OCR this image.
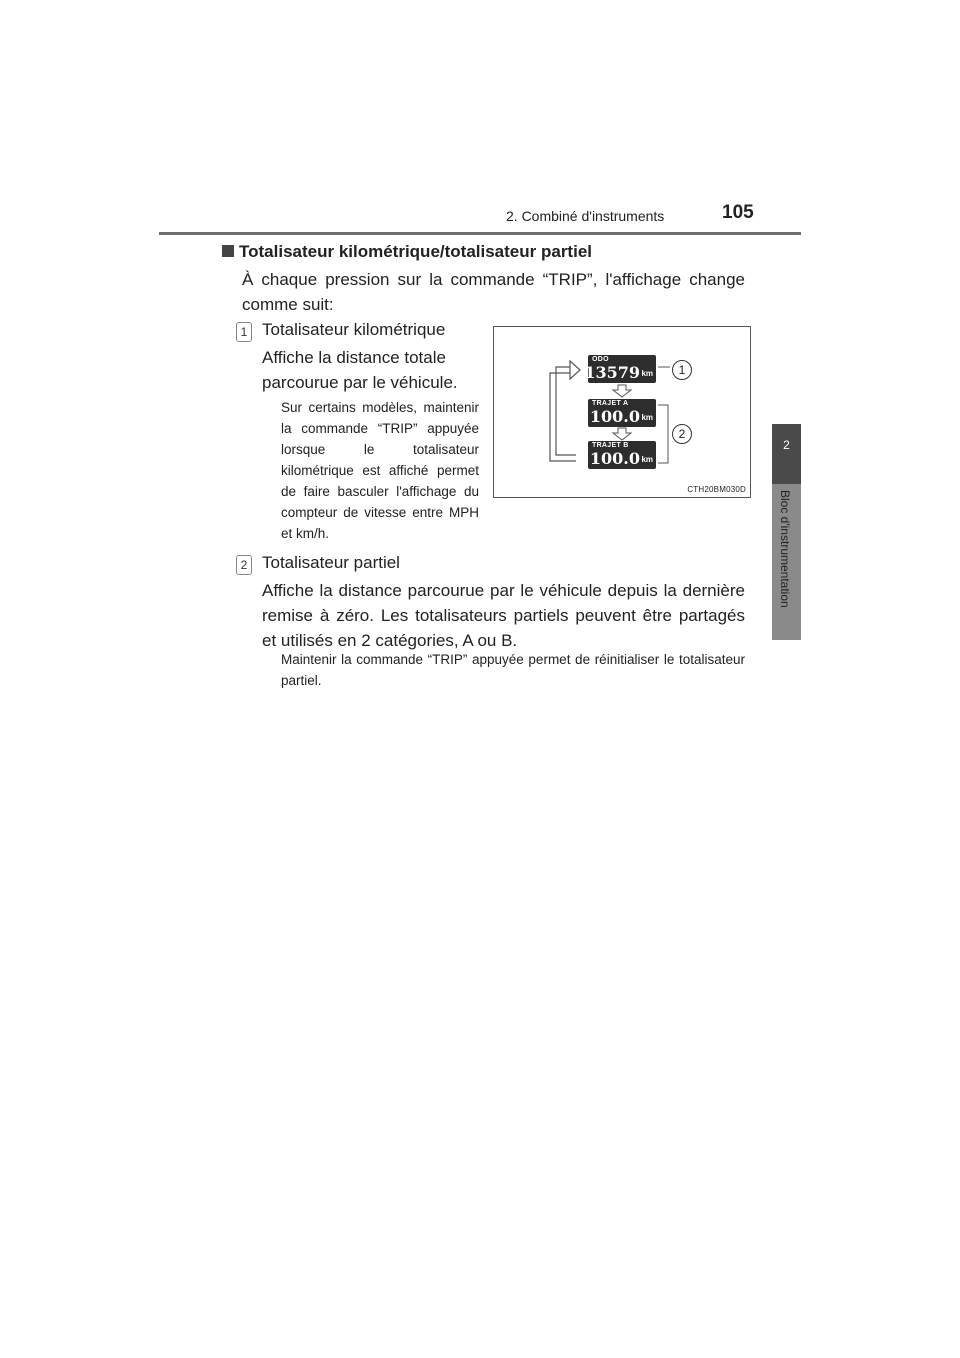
2. Combiné d'instruments	105
2
Bloc d'instrumentation
Totalisateur kilométrique/totalisateur partiel
À chaque pression sur la commande “TRIP”, l'affichage change comme suit:
1 Totalisateur kilométrique
Affiche la distance totale parcourue par le véhicule.
Sur certains modèles, maintenir la commande “TRIP” appuyée lorsque le totalisateur kilométrique est affiché permet de faire basculer l'affichage du compteur de vitesse entre MPH et km/h.
ODO
13579 km
TRAJET A
100.0 km
TRAJET B
100.0 km
1
2
CTH20BM030D
2 Totalisateur partiel
Affiche la distance parcourue par le véhicule depuis la dernière remise à zéro. Les totalisateurs partiels peuvent être partagés et utilisés en 2 catégories, A ou B.
Maintenir la commande “TRIP” appuyée permet de réinitialiser le totalisateur partiel.
